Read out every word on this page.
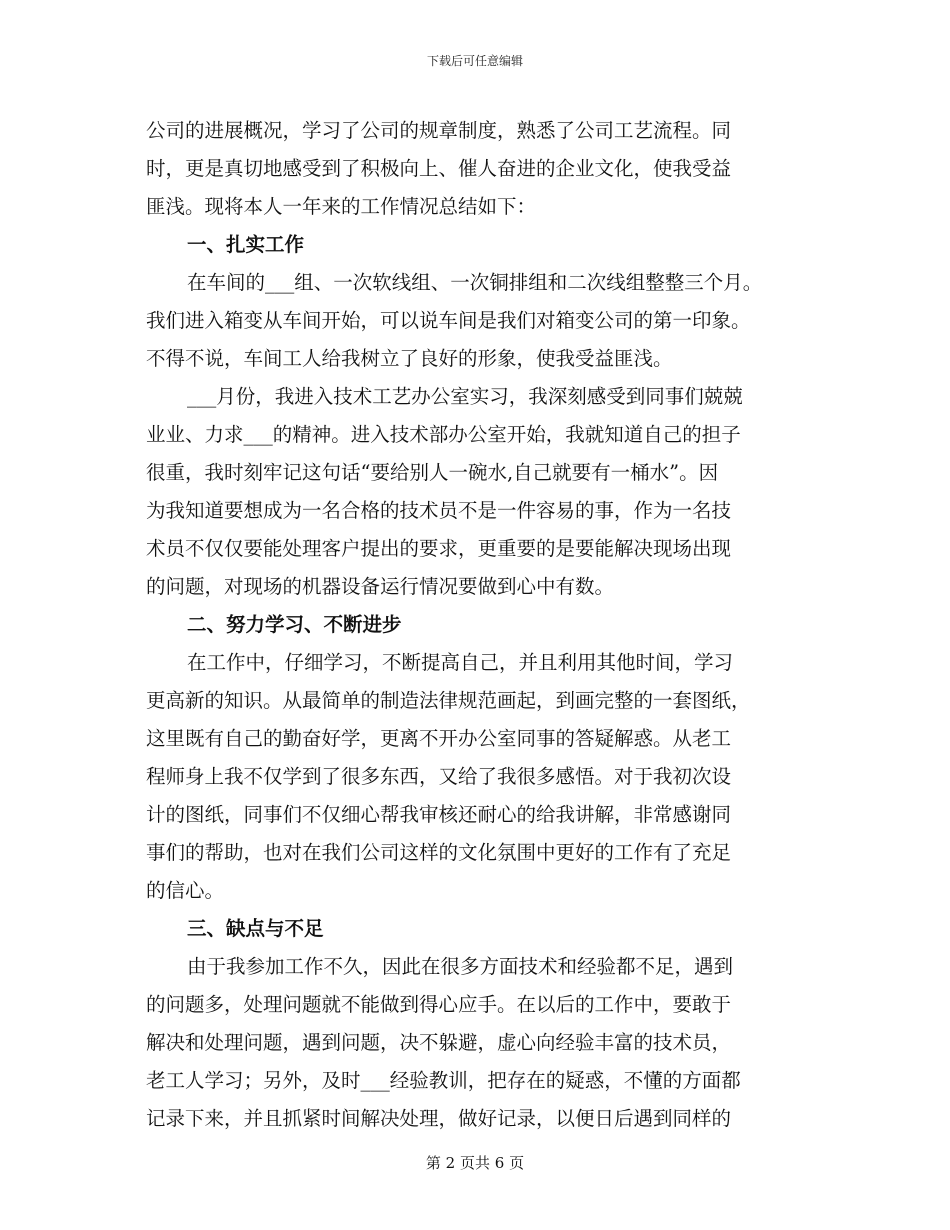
下载后可任意编辑
公司的进展概况，学习了公司的规章制度，熟悉了公司工艺流程。同
时，更是真切地感受到了积极向上、催人奋进的企业文化，使我受益
匪浅。现将本人一年来的工作情况总结如下：
一、扎实工作
在车间的___组、一次软线组、一次铜排组和二次线组整整三个月。
我们进入箱变从车间开始，可以说车间是我们对箱变公司的第一印象。
不得不说，车间工人给我树立了良好的形象，使我受益匪浅。
___月份，我进入技术工艺办公室实习，我深刻感受到同事们兢兢
业业、力求___的精神。进入技术部办公室开始，我就知道自己的担子
很重，我时刻牢记这句话“要给别人一碗水,自己就要有一桶水”。因
为我知道要想成为一名合格的技术员不是一件容易的事，作为一名技
术员不仅仅要能处理客户提出的要求，更重要的是要能解决现场出现
的问题，对现场的机器设备运行情况要做到心中有数。
二、努力学习、不断进步
在工作中，仔细学习，不断提高自己，并且利用其他时间，学习
更高新的知识。从最简单的制造法律规范画起，到画完整的一套图纸，
这里既有自己的勤奋好学，更离不开办公室同事的答疑解惑。从老工
程师身上我不仅学到了很多东西，又给了我很多感悟。对于我初次设
计的图纸，同事们不仅细心帮我审核还耐心的给我讲解，非常感谢同
事们的帮助，也对在我们公司这样的文化氛围中更好的工作有了充足
的信心。
三、缺点与不足
由于我参加工作不久，因此在很多方面技术和经验都不足，遇到
的问题多，处理问题就不能做到得心应手。在以后的工作中，要敢于
解决和处理问题，遇到问题，决不躲避，虚心向经验丰富的技术员，
老工人学习；另外，及时___经验教训，把存在的疑惑，不懂的方面都
记录下来，并且抓紧时间解决处理，做好记录，以便日后遇到同样的
第 2 页共 6 页
